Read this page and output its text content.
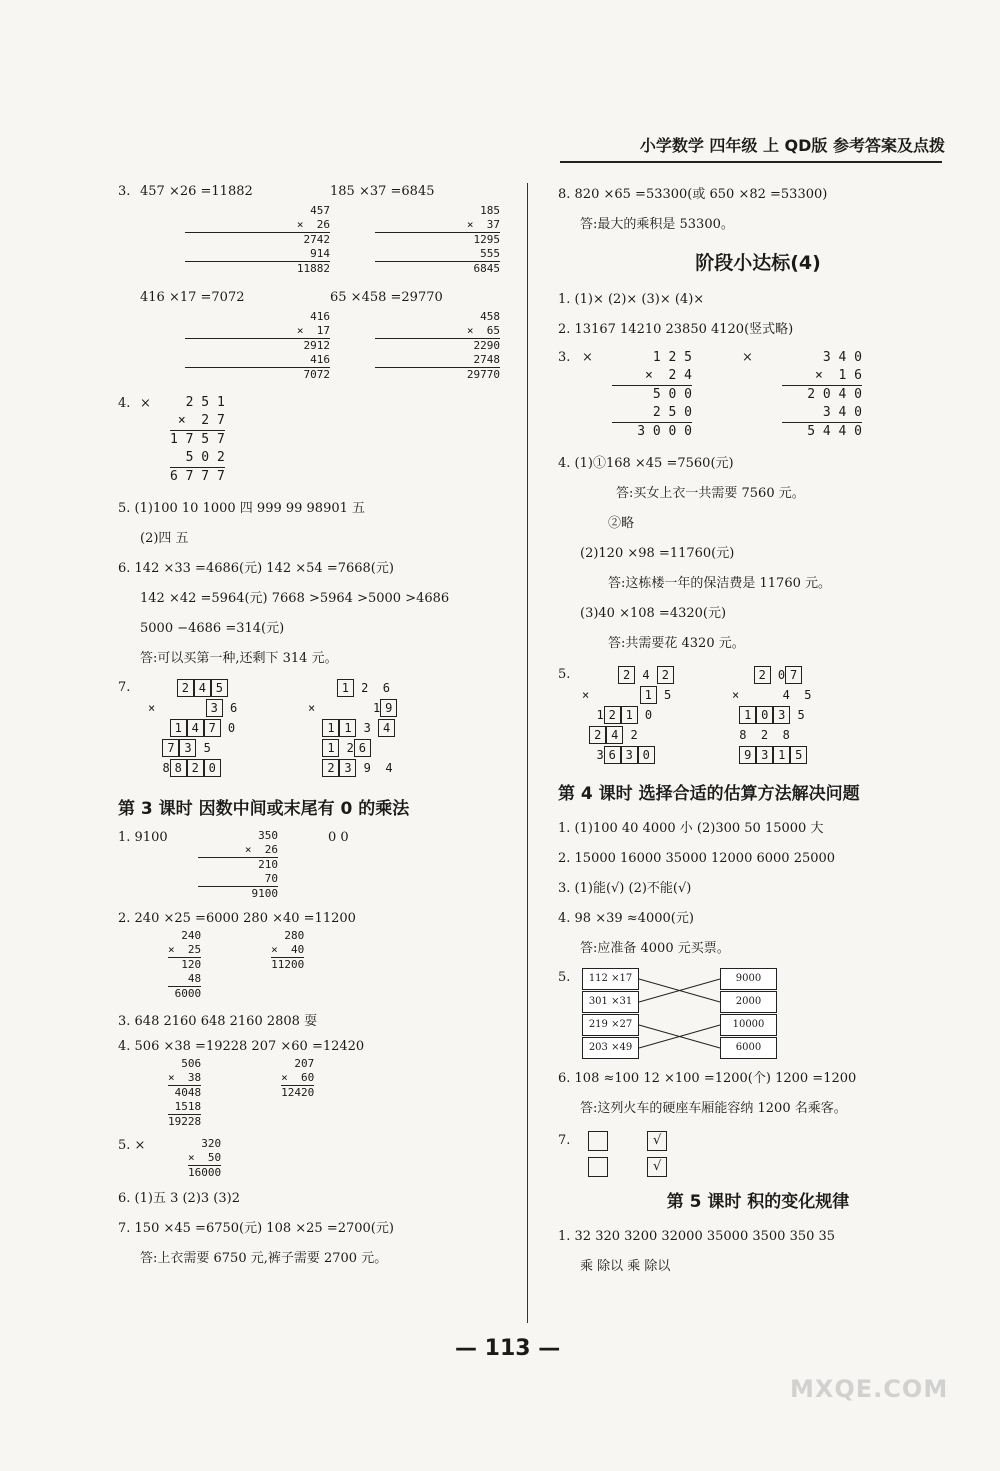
小学数学 四年级 上 QD版 参考答案及点拨
3. 457 ×26 =11882
457
×  26
2742
914
11882
185 ×37 =6845
185
×  37
1295
555
6845
416 ×17 =7072
416
×  17
2912
416
7072
65 ×458 =29770
458
×  65
2290
2748
29770
4. ×	2 5 1
×  2 7
1 7 5 7
5 0 2
6 7 7 7
5. (1)100 10 1000 四 999 99 98901 五
(2)四 五
6. 142 ×33 =4686(元) 142 ×54 =7668(元)
142 ×42 =5964(元) 7668 >5964 >5000 >4686
5000 −4686 =314(元)
答:可以买第一种,还剩下 314 元。
7.	2 4 5
×	3 6
1 4 7 0
7 3 5
8 8 2 0
1 2  6
×        1 9
1 1 3 4
1 2 6
2 3 9  4
第 3 课时 因数中间或末尾有 0 的乘法
1. 9100	350
×  26
210
70
9100
0 0
2. 240 ×25 =6000 280 ×40 =11200
240
×  25
120
48
6000
280
×  40
11200
3. 648 2160 648 2160 2808 耍
4. 506 ×38 =19228 207 ×60 =12420
506
×  38
4048
1518
19228
207
×  60
12420
5. ×	320
×  50
16000
6. (1)五 3 (2)3 (3)2
7. 150 ×45 =6750(元) 108 ×25 =2700(元)
答:上衣需要 6750 元,裤子需要 2700 元。
8. 820 ×65 =53300(或 650 ×82 =53300)
答:最大的乘积是 53300。
阶段小达标(4)
1. (1)× (2)× (3)× (4)×
2. 13167 14210 23850 4120(竖式略)
3. ×	1 2 5
×  2 4
5 0 0
2 5 0
3 0 0 0
×	3 4 0
×  1 6
2 0 4 0
3 4 0
5 4 4 0
4. (1)①168 ×45 =7560(元)
答:买女上衣一共需要 7560 元。
②略
(2)120 ×98 =11760(元)
答:这栋楼一年的保洁费是 11760 元。
(3)40 ×108 =4320(元)
答:共需要花 4320 元。
5.	2 4 2
×	1 5
1 2 1 0
2 4 2
3 6 3 0
2 0 7
×      4  5
1 0 3 5
8  2  8
9 3 1 5
第 4 课时 选择合适的估算方法解决问题
1. (1)100 40 4000 小 (2)300 50 15000 大
2. 15000 16000 35000 12000 6000 25000
3. (1)能(√) (2)不能(√)
4. 98 ×39 ≈4000(元)
答:应准备 4000 元买票。
5.	112 ×17
301 ×31
219 ×27
203 ×49
9000
2000
10000
6000
6. 108 ≈100 12 ×100 =1200(个) 1200 =1200
答:这列火车的硬座车厢能容纳 1200 名乘客。
7.	√
√
第 5 课时 积的变化规律
1. 32 320 3200 32000 35000 3500 350 35
乘 除以 乘 除以
— 113 —
MXQE.COM
